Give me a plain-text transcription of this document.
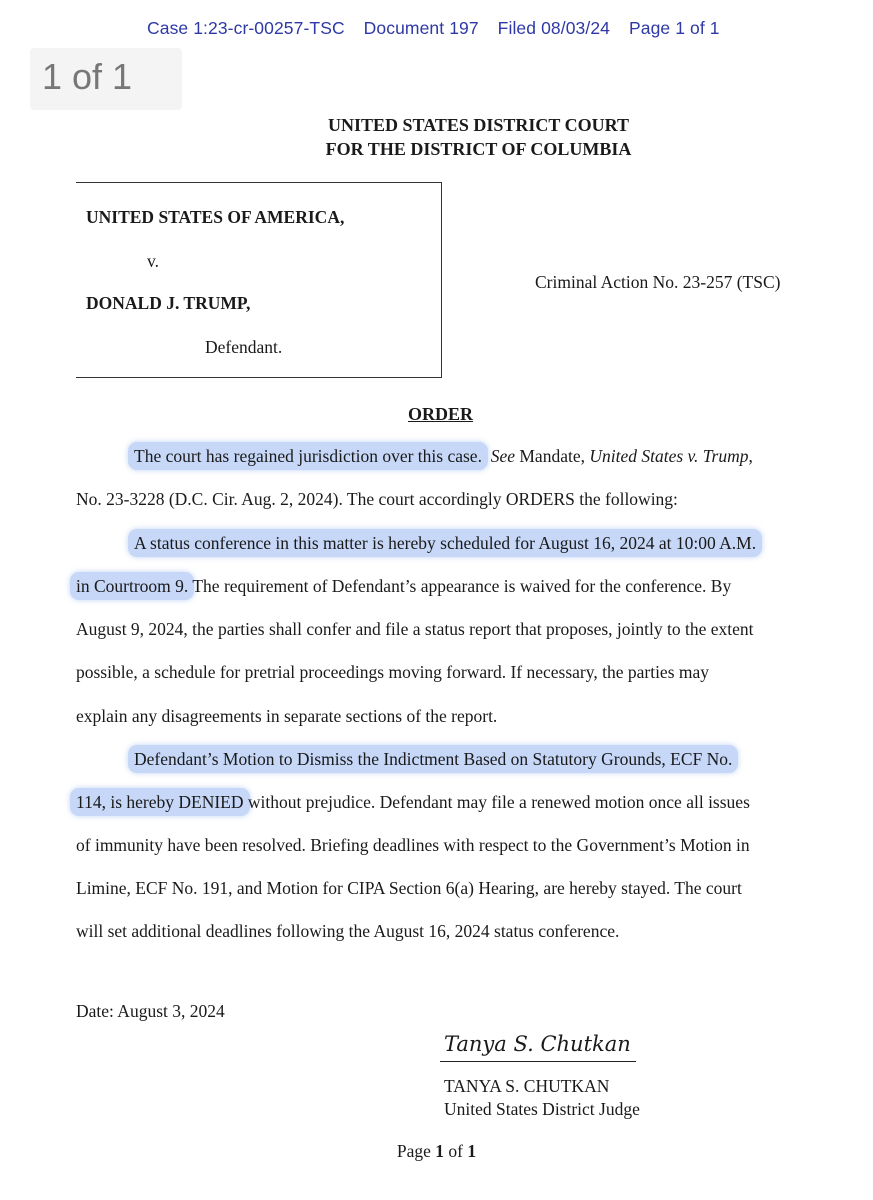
Case 1:23-cr-00257-TSC Document 197 Filed 08/03/24 Page 1 of 1
1 of 1
UNITED STATES DISTRICT COURT
FOR THE DISTRICT OF COLUMBIA
UNITED STATES OF AMERICA,
v.
DONALD J. TRUMP,
Defendant.
Criminal Action No. 23-257 (TSC)
ORDER
The court has regained jurisdiction over this case. See Mandate, United States v. Trump,
No. 23-3228 (D.C. Cir. Aug. 2, 2024). The court accordingly ORDERS the following:
A status conference in this matter is hereby scheduled for August 16, 2024 at 10:00 A.M.
in Courtroom 9. The requirement of Defendant’s appearance is waived for the conference. By
August 9, 2024, the parties shall confer and file a status report that proposes, jointly to the extent
possible, a schedule for pretrial proceedings moving forward. If necessary, the parties may
explain any disagreements in separate sections of the report.
Defendant’s Motion to Dismiss the Indictment Based on Statutory Grounds, ECF No.
114, is hereby DENIED without prejudice. Defendant may file a renewed motion once all issues
of immunity have been resolved. Briefing deadlines with respect to the Government’s Motion in
Limine, ECF No. 191, and Motion for CIPA Section 6(a) Hearing, are hereby stayed. The court
will set additional deadlines following the August 16, 2024 status conference.
Date: August 3, 2024
Tanya S. Chutkan
TANYA S. CHUTKAN
United States District Judge
Page 1 of 1
